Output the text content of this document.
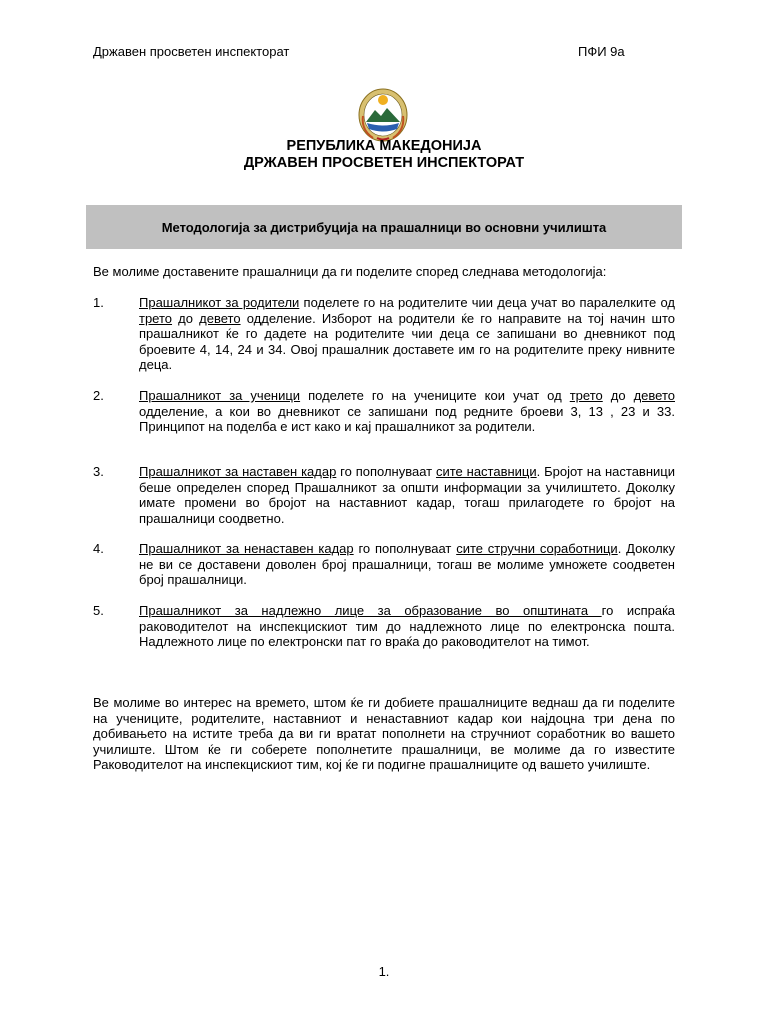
Државен просветен инспекторат	ПФИ 9а
РЕПУБЛИКА МАКЕДОНИЈА
ДРЖАВЕН ПРОСВЕТЕН ИНСПЕКТОРАТ
Методологија за дистрибуција на прашалници во основни училишта
Ве молиме доставените прашалници да ги поделите според следнава методологија:
1.	Прашалникот за родители поделете го на родителите чии деца учат во паралелките од трето до девето одделение. Изборот на родители ќе го направите на тој начин што прашалникот ќе го дадете на родителите чии деца се запишани во дневникот под броевите 4, 14, 24 и 34. Овој прашалник доставете им го на родителите преку нивните деца.
2.	Прашалникот за ученици поделете го на учениците кои учат од трето до девето одделение, а кои во дневникот се запишани под редните броеви 3, 13 , 23 и 33. Принципот на поделба е ист како и кај прашалникот за родители.
3.	Прашалникот за наставен кадар го пополнуваат сите наставници. Бројот на наставници беше определен според Прашалникот за општи информации за училиштето. Доколку имате промени во бројот на наставниот кадар, тогаш прилагодете го бројот на прашалници соодветно.
4.	Прашалникот за ненаставен кадар го пополнуваат сите стручни соработници. Доколку не ви се доставени доволен број прашалници, тогаш ве молиме умножете соодветен број прашалници.
5.	Прашалникот за надлежно лице за образование во општината го испраќа раководителот на инспекцискиот тим до надлежното лице по електронска пошта. Надлежното лице по електронски пат го враќа до раководителот на тимот.
Ве молиме во интерес на времето, штом ќе ги добиете прашалниците веднаш да ги поделите на учениците, родителите, наставниот и ненаставниот кадар кои најдоцна три дена по добивањето на истите треба да ви ги вратат пополнети на стручниот соработник во вашето училиште. Штом ќе ги соберете пополнетите прашалници, ве молиме да го известите Раководителот на инспекцискиот тим, кој ќе ги подигне прашалниците од вашето училиште.
1.
